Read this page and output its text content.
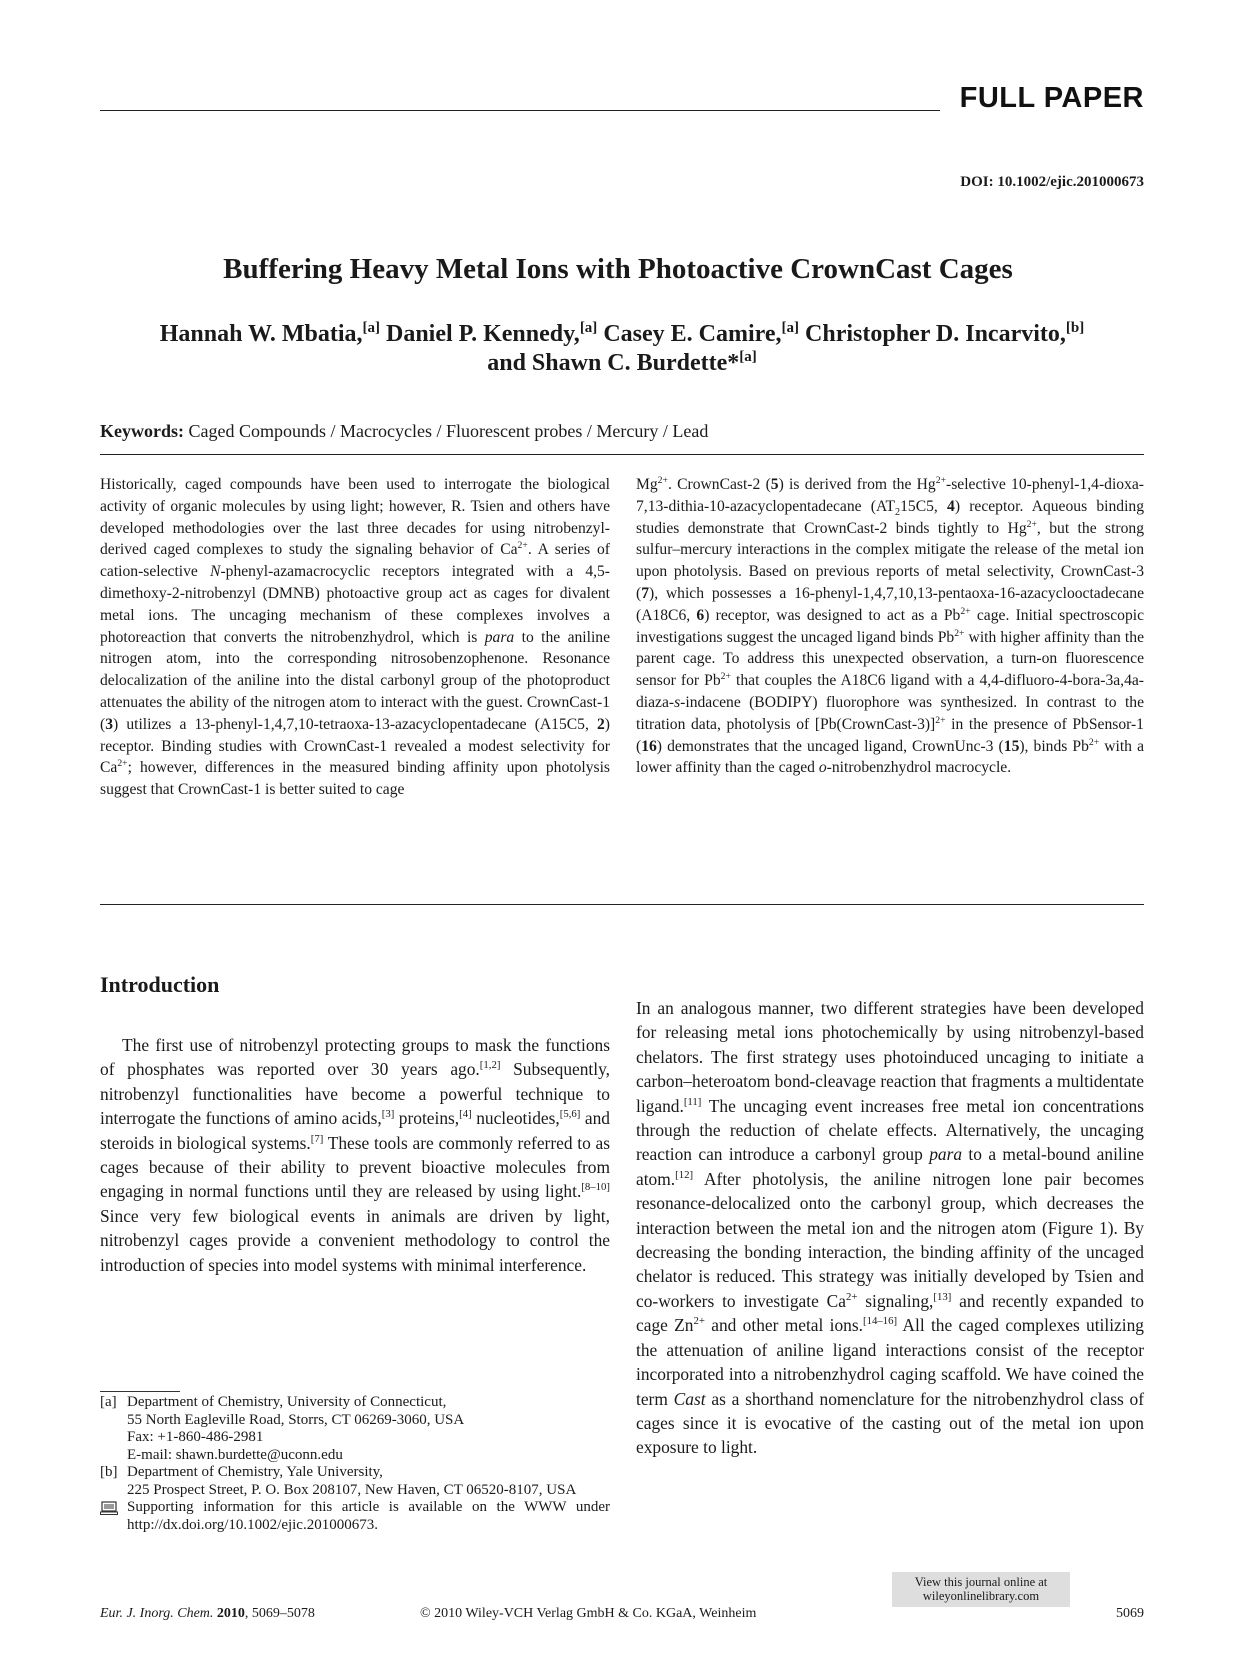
FULL PAPER
DOI: 10.1002/ejic.201000673
Buffering Heavy Metal Ions with Photoactive CrownCast Cages
Hannah W. Mbatia,[a] Daniel P. Kennedy,[a] Casey E. Camire,[a] Christopher D. Incarvito,[b]
and Shawn C. Burdette*[a]
Keywords: Caged Compounds / Macrocycles / Fluorescent probes / Mercury / Lead

Historically, caged compounds have been used to interrogate the biological activity of organic molecules by using light; however, R. Tsien and others have developed methodologies over the last three decades for using nitrobenzyl-derived caged complexes to study the signaling behavior of $Ca^{2+}$. A series of cation-selective N-phenyl-azamacrocyclic receptors integrated with a 4,5-dimethoxy-2-nitrobenzyl (DMNB) photoactive group act as cages for divalent metal ions. The uncaging mechanism of these complexes involves a photoreaction that converts the nitrobenzhydrol, which is para to the aniline nitrogen atom, into the corresponding nitrosobenzophenone. Resonance delocalization of the aniline into the distal carbonyl group of the photoproduct attenuates the ability of the nitrogen atom to interact with the guest. CrownCast-1 (3) utilizes a 13-phenyl-1,4,7,10-tetraoxa-13-azacyclopentadecane (A15C5, 2) receptor. Binding studies with CrownCast-1 revealed a modest selectivity for $Ca^{2+}$; however, differences in the measured binding affinity upon photolysis suggest that CrownCast-1 is better suited to cage

$Mg^{2+}$. CrownCast-2 (5) is derived from the $Hg^{2+}$-selective 10-phenyl-1,4-dioxa-7,13-dithia-10-azacyclopentadecane ($AT_215C5$, 4) receptor. Aqueous binding studies demonstrate that CrownCast-2 binds tightly to $Hg^{2+}$, but the strong sulfur–mercury interactions in the complex mitigate the release of the metal ion upon photolysis. Based on previous reports of metal selectivity, CrownCast-3 (7), which possesses a 16-phenyl-1,4,7,10,13-pentaoxa-16-azacyclooctadecane (A18C6, 6) receptor, was designed to act as a $Pb^{2+}$ cage. Initial spectroscopic investigations suggest the uncaged ligand binds $Pb^{2+}$ with higher affinity than the parent cage. To address this unexpected observation, a turn-on fluorescence sensor for $Pb^{2+}$ that couples the A18C6 ligand with a 4,4-difluoro-4-bora-3a,4a-diaza-s-indacene (BODIPY) fluorophore was synthesized. In contrast to the titration data, photolysis of [Pb(CrownCast-3)]$^{2+}$ in the presence of PbSensor-1 (16) demonstrates that the uncaged ligand, CrownUnc-3 (15), binds $Pb^{2+}$ with a lower affinity than the caged o-nitrobenzhydrol macrocycle.

Introduction

The first use of nitrobenzyl protecting groups to mask the functions of phosphates was reported over 30 years ago.[1,2] Subsequently, nitrobenzyl functionalities have become a powerful technique to interrogate the functions of amino acids,[3] proteins,[4] nucleotides,[5,6] and steroids in biological systems.[7] These tools are commonly referred to as cages because of their ability to prevent bioactive molecules from engaging in normal functions until they are released by using light.[8–10] Since very few biological events in animals are driven by light, nitrobenzyl cages provide a convenient methodology to control the introduction of species into model systems with minimal interference.

In an analogous manner, two different strategies have been developed for releasing metal ions photochemically by using nitrobenzyl-based chelators. The first strategy uses photoinduced uncaging to initiate a carbon–heteroatom bond-cleavage reaction that fragments a multidentate ligand.[11] The uncaging event increases free metal ion concentrations through the reduction of chelate effects. Alternatively, the uncaging reaction can introduce a carbonyl group para to a metal-bound aniline atom.[12] After photolysis, the aniline nitrogen lone pair becomes resonance-delocalized onto the carbonyl group, which decreases the interaction between the metal ion and the nitrogen atom (Figure 1). By decreasing the bonding interaction, the binding affinity of the uncaged chelator is reduced. This strategy was initially developed by Tsien and co-workers to investigate $Ca^{2+}$ signaling,[13] and recently expanded to cage $Zn^{2+}$ and other metal ions.[14–16] All the caged complexes utilizing the attenuation of aniline ligand interactions consist of the receptor incorporated into a nitrobenzhydrol caging scaffold. We have coined the term Cast as a shorthand nomenclature for the nitrobenzhydrol class of cages since it is evocative of the casting out of the metal ion upon exposure to light.

[a] Department of Chemistry, University of Connecticut,
55 North Eagleville Road, Storrs, CT 06269-3060, USA
Fax: +1-860-486-2981
E-mail: shawn.burdette@uconn.edu
[b] Department of Chemistry, Yale University,
225 Prospect Street, P. O. Box 208107, New Haven, CT 06520-8107, USA
Supporting information for this article is available on the WWW under http://dx.doi.org/10.1002/ejic.201000673.
View this journal online at
wileyonlinelibrary.com
Eur. J. Inorg. Chem. 2010, 5069–5078	© 2010 Wiley-VCH Verlag GmbH & Co. KGaA, Weinheim	5069
